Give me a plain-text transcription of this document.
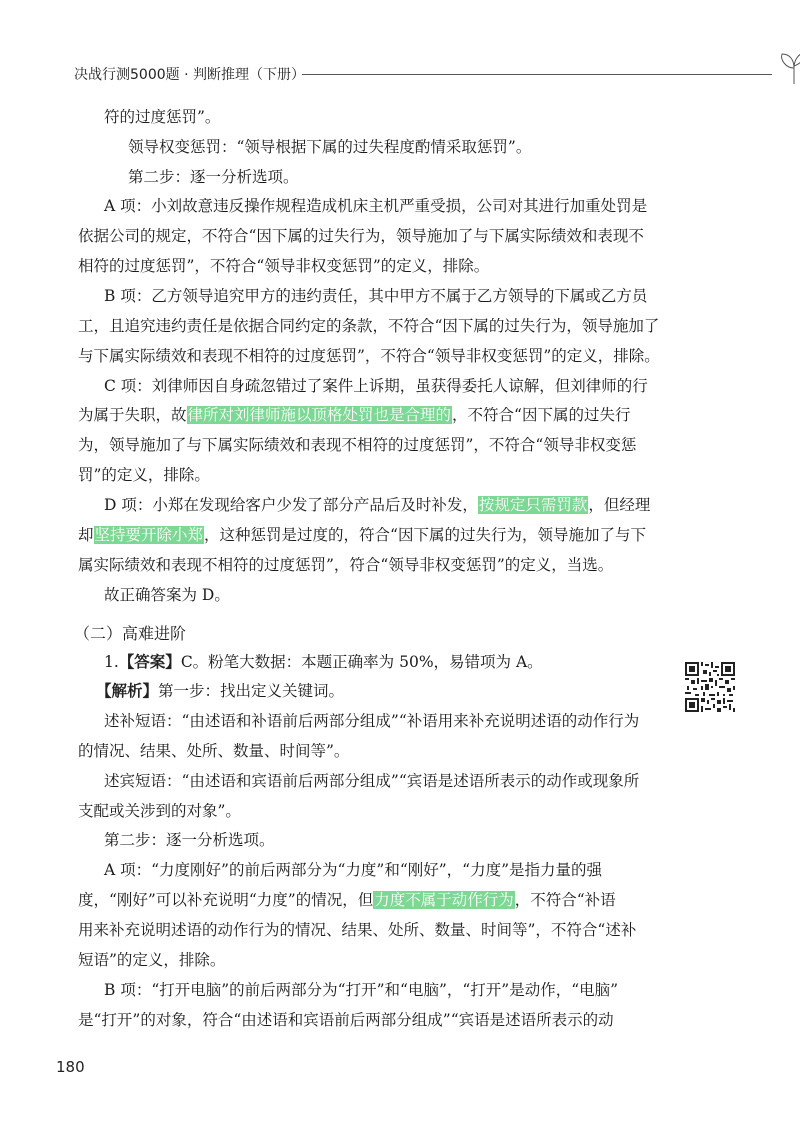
决战行测5000题 · 判断推理（下册）
符的过度惩罚”。
领导权变惩罚：“领导根据下属的过失程度酌情采取惩罚”。
第二步：逐一分析选项。
A 项：小刘故意违反操作规程造成机床主机严重受损，公司对其进行加重处罚是
依据公司的规定，不符合“因下属的过失行为，领导施加了与下属实际绩效和表现不
相符的过度惩罚”，不符合“领导非权变惩罚”的定义，排除。
B 项：乙方领导追究甲方的违约责任，其中甲方不属于乙方领导的下属或乙方员
工，且追究违约责任是依据合同约定的条款，不符合“因下属的过失行为，领导施加了
与下属实际绩效和表现不相符的过度惩罚”，不符合“领导非权变惩罚”的定义，排除。
C 项：刘律师因自身疏忽错过了案件上诉期，虽获得委托人谅解，但刘律师的行
为属于失职，故律所对刘律师施以顶格处罚也是合理的，不符合“因下属的过失行
为，领导施加了与下属实际绩效和表现不相符的过度惩罚”，不符合“领导非权变惩
罚”的定义，排除。
D 项：小郑在发现给客户少发了部分产品后及时补发，按规定只需罚款，但经理
却坚持要开除小郑，这种惩罚是过度的，符合“因下属的过失行为，领导施加了与下
属实际绩效和表现不相符的过度惩罚”，符合“领导非权变惩罚”的定义，当选。
故正确答案为 D。
1.【答案】C。粉笔大数据：本题正确率为 50%，易错项为 A。
【解析】第一步：找出定义关键词。
述补短语：“由述语和补语前后两部分组成”“补语用来补充说明述语的动作行为
的情况、结果、处所、数量、时间等”。
述宾短语：“由述语和宾语前后两部分组成”“宾语是述语所表示的动作或现象所
支配或关涉到的对象”。
第二步：逐一分析选项。
A 项：“力度刚好”的前后两部分为“力度”和“刚好”，“力度”是指力量的强
度，“刚好”可以补充说明“力度”的情况，但力度不属于动作行为，不符合“补语
用来补充说明述语的动作行为的情况、结果、处所、数量、时间等”，不符合“述补
短语”的定义，排除。
B 项：“打开电脑”的前后两部分为“打开”和“电脑”，“打开”是动作，“电脑”
是“打开”的对象，符合“由述语和宾语前后两部分组成”“宾语是述语所表示的动
（二）高难进阶
180
